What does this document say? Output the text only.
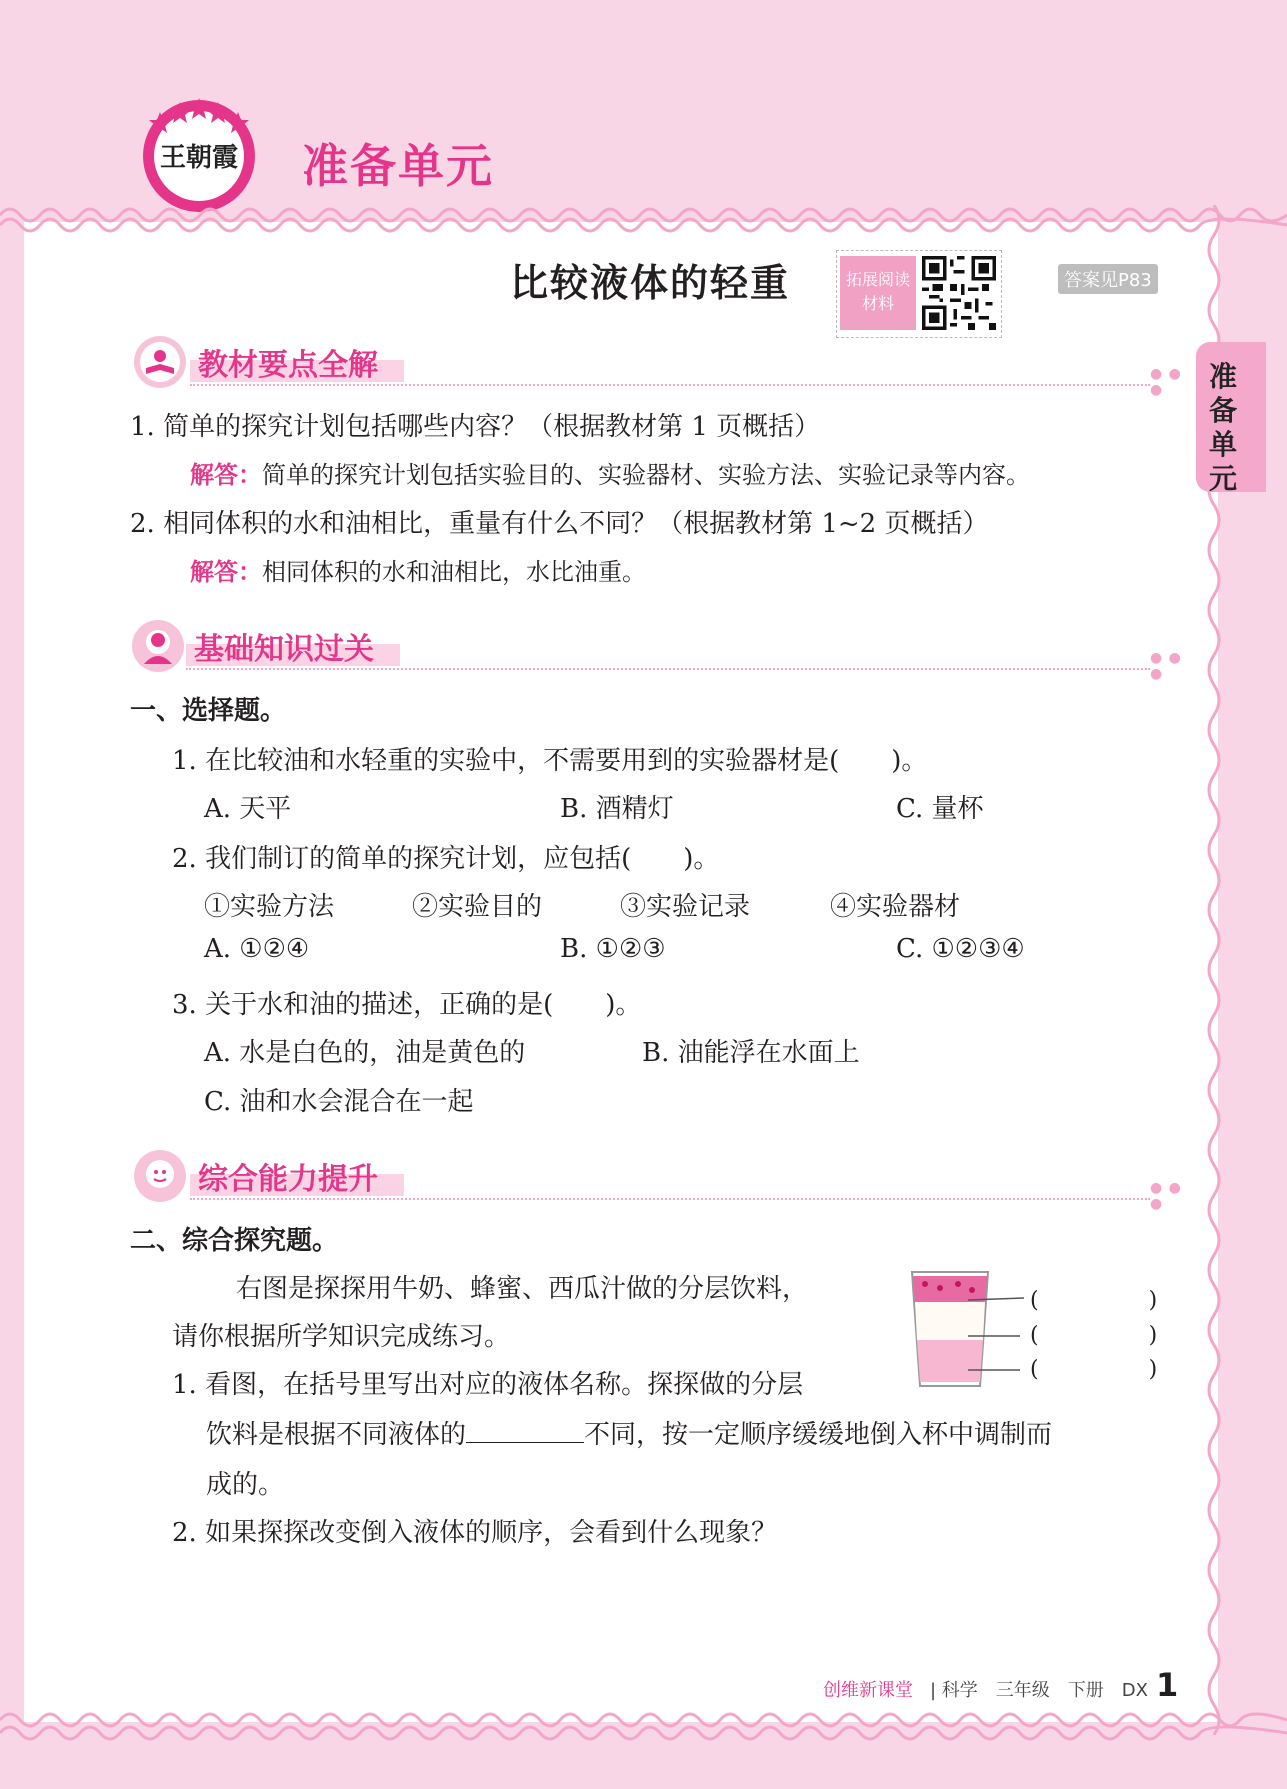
王朝霞 准备单元
准备单元
比较液体的轻重	拓展阅读
材料
答案见P83
教材要点全解	● ●
●
1. 简单的探究计划包括哪些内容？（根据教材第 1 页概括）
解答：简单的探究计划包括实验目的、实验器材、实验方法、实验记录等内容。
2. 相同体积的水和油相比，重量有什么不同？（根据教材第 1~2 页概括）
解答：相同体积的水和油相比，水比油重。
基础知识过关	● ●
●
一、选择题。
1. 在比较油和水轻重的实验中，不需要用到的实验器材是(　　)。
A. 天平	B. 酒精灯	C. 量杯
2. 我们制订的简单的探究计划，应包括(　　)。
①实验方法	②实验目的	③实验记录	④实验器材
A. ①②④	B. ①②③	C. ①②③④
3. 关于水和油的描述，正确的是(　　)。
A. 水是白色的，油是黄色的	B. 油能浮在水面上
C. 油和水会混合在一起
综合能力提升	● ●
●
二、综合探究题。
右图是探探用牛奶、蜂蜜、西瓜汁做的分层饮料，
请你根据所学知识完成练习。
1. 看图，在括号里写出对应的液体名称。探探做的分层
饮料是根据不同液体的	不同，按一定顺序缓缓地倒入杯中调制而
成的。
2. 如果探探改变倒入液体的顺序，会看到什么现象？
(　　　　　)
(　　　　　)
(　　　　　)
创维新课堂 | 科学　三年级　下册　DX 1
